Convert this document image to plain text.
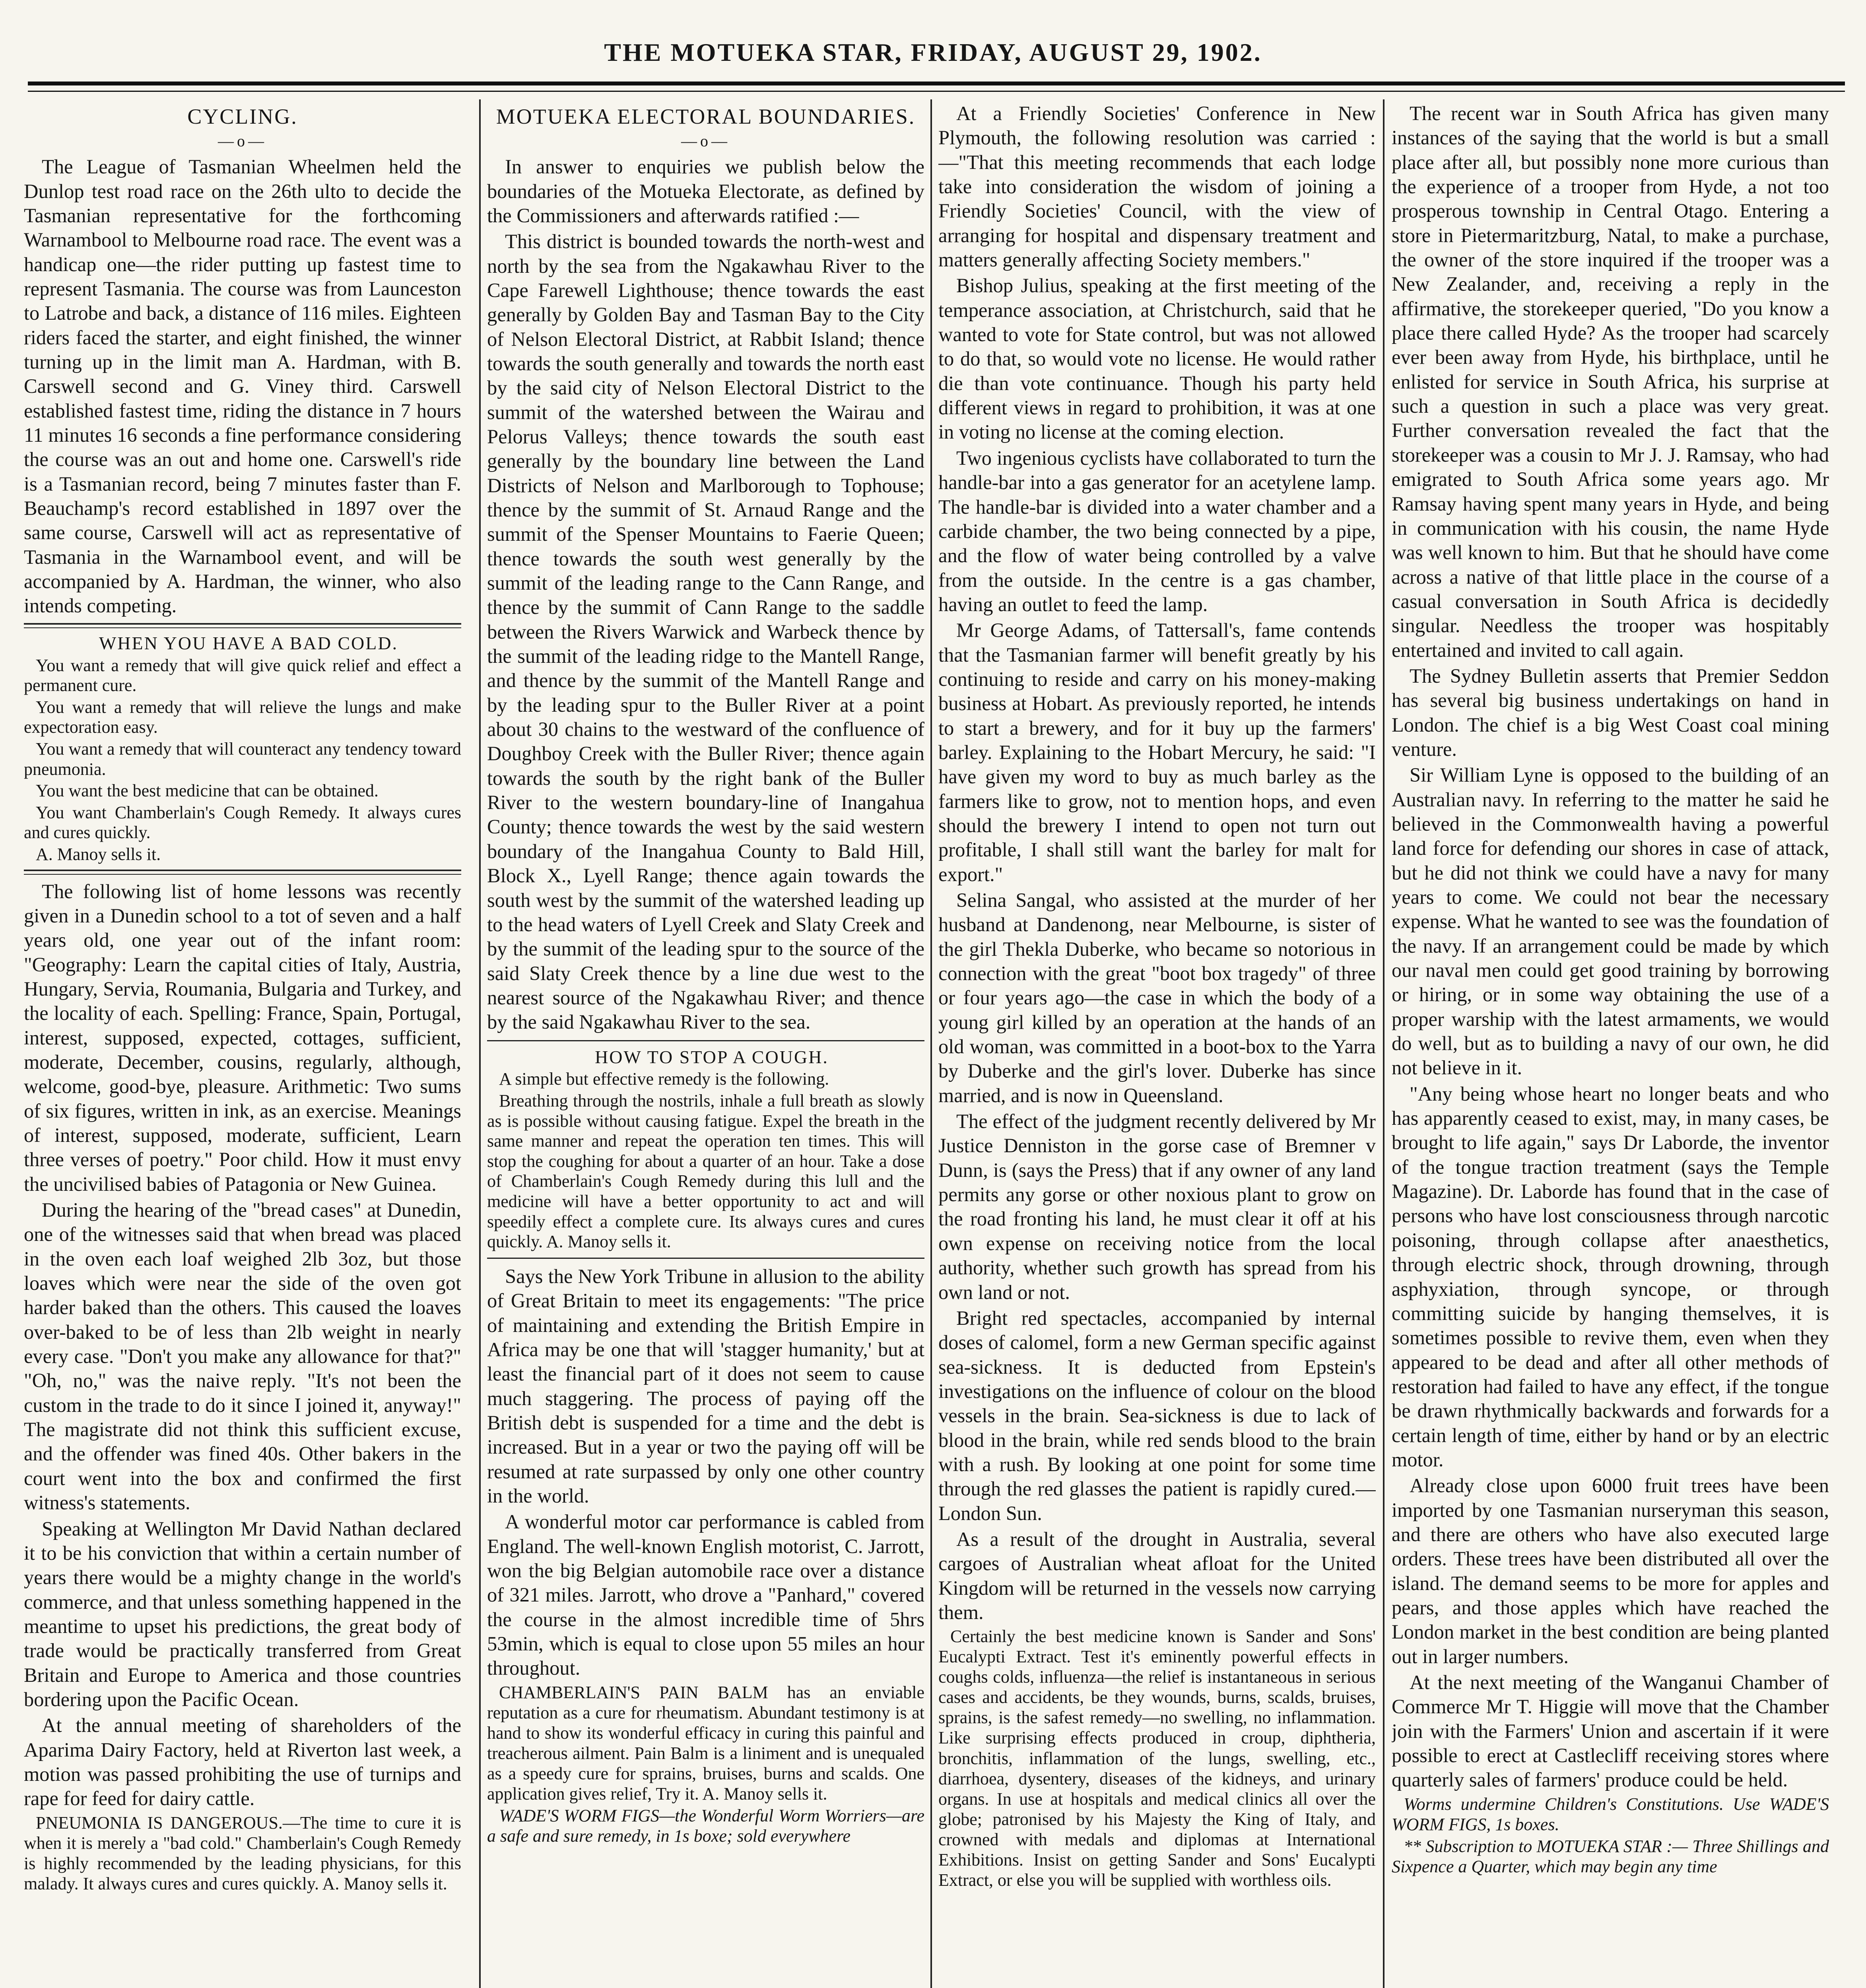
THE MOTUEKA STAR, FRIDAY, AUGUST 29, 1902.

CYCLING.

—o—

The League of Tasmanian Wheelmen held the Dunlop test road race on the 26th ulto to decide the Tasmanian representative for the forthcoming Warnambool to Melbourne road race. The event was a handicap one—the rider putting up fastest time to represent Tasmania. The course was from Launceston to Latrobe and back, a distance of 116 miles. Eighteen riders faced the starter, and eight finished, the winner turning up in the limit man A. Hardman, with B. Carswell second and G. Viney third. Carswell established fastest time, riding the distance in 7 hours 11 minutes 16 seconds a fine performance considering the course was an out and home one. Carswell's ride is a Tasmanian record, being 7 minutes faster than F. Beauchamp's record established in 1897 over the same course, Carswell will act as representative of Tasmania in the Warnambool event, and will be accompanied by A. Hardman, the winner, who also intends competing.

WHEN YOU HAVE A BAD COLD.

You want a remedy that will give quick relief and effect a permanent cure.

You want a remedy that will relieve the lungs and make expectoration easy.

You want a remedy that will counteract any tendency toward pneumonia.

You want the best medicine that can be obtained.

You want Chamberlain's Cough Remedy. It always cures and cures quickly.

A. Manoy sells it.

The following list of home lessons was recently given in a Dunedin school to a tot of seven and a half years old, one year out of the infant room: "Geography: Learn the capital cities of Italy, Austria, Hungary, Servia, Roumania, Bulgaria and Turkey, and the locality of each. Spelling: France, Spain, Portugal, interest, supposed, expected, cottages, sufficient, moderate, December, cousins, regularly, although, welcome, good-bye, pleasure. Arithmetic: Two sums of six figures, written in ink, as an exercise. Meanings of interest, supposed, moderate, sufficient, Learn three verses of poetry." Poor child. How it must envy the uncivilised babies of Patagonia or New Guinea.

During the hearing of the "bread cases" at Dunedin, one of the witnesses said that when bread was placed in the oven each loaf weighed 2lb 3oz, but those loaves which were near the side of the oven got harder baked than the others. This caused the loaves over-baked to be of less than 2lb weight in nearly every case. "Don't you make any allowance for that?" "Oh, no," was the naive reply. "It's not been the custom in the trade to do it since I joined it, anyway!" The magistrate did not think this sufficient excuse, and the offender was fined 40s. Other bakers in the court went into the box and confirmed the first witness's statements.

Speaking at Wellington Mr David Nathan declared it to be his conviction that within a certain number of years there would be a mighty change in the world's commerce, and that unless something happened in the meantime to upset his predictions, the great body of trade would be practically transferred from Great Britain and Europe to America and those countries bordering upon the Pacific Ocean.

At the annual meeting of shareholders of the Aparima Dairy Factory, held at Riverton last week, a motion was passed prohibiting the use of turnips and rape for feed for dairy cattle.

PNEUMONIA IS DANGEROUS.—The time to cure it is when it is merely a "bad cold." Chamberlain's Cough Remedy is highly recommended by the leading physicians, for this malady. It always cures and cures quickly. A. Manoy sells it.

MOTUEKA ELECTORAL BOUNDARIES.

—o—

In answer to enquiries we publish below the boundaries of the Motueka Electorate, as defined by the Commissioners and afterwards ratified :—

This district is bounded towards the north-west and north by the sea from the Ngakawhau River to the Cape Farewell Lighthouse; thence towards the east generally by Golden Bay and Tasman Bay to the City of Nelson Electoral District, at Rabbit Island; thence towards the south generally and towards the north east by the said city of Nelson Electoral District to the summit of the watershed between the Wairau and Pelorus Valleys; thence towards the south east generally by the boundary line between the Land Districts of Nelson and Marlborough to Tophouse; thence by the summit of St. Arnaud Range and the summit of the Spenser Mountains to Faerie Queen; thence towards the south west generally by the summit of the leading range to the Cann Range, and thence by the summit of Cann Range to the saddle between the Rivers Warwick and Warbeck thence by the summit of the leading ridge to the Mantell Range, and thence by the summit of the Mantell Range and by the leading spur to the Buller River at a point about 30 chains to the westward of the confluence of Doughboy Creek with the Buller River; thence again towards the south by the right bank of the Buller River to the western boundary-line of Inangahua County; thence towards the west by the said western boundary of the Inangahua County to Bald Hill, Block X., Lyell Range; thence again towards the south west by the summit of the watershed leading up to the head waters of Lyell Creek and Slaty Creek and by the summit of the leading spur to the source of the said Slaty Creek thence by a line due west to the nearest source of the Ngakawhau River; and thence by the said Ngakawhau River to the sea.

HOW TO STOP A COUGH.

A simple but effective remedy is the following.

Breathing through the nostrils, inhale a full breath as slowly as is possible without causing fatigue. Expel the breath in the same manner and repeat the operation ten times. This will stop the coughing for about a quarter of an hour. Take a dose of Chamberlain's Cough Remedy during this lull and the medicine will have a better opportunity to act and will speedily effect a complete cure. Its always cures and cures quickly. A. Manoy sells it.

Says the New York Tribune in allusion to the ability of Great Britain to meet its engagements: "The price of maintaining and extending the British Empire in Africa may be one that will 'stagger humanity,' but at least the financial part of it does not seem to cause much staggering. The process of paying off the British debt is suspended for a time and the debt is increased. But in a year or two the paying off will be resumed at rate surpassed by only one other country in the world.

A wonderful motor car performance is cabled from England. The well-known English motorist, C. Jarrott, won the big Belgian automobile race over a distance of 321 miles. Jarrott, who drove a "Panhard," covered the course in the almost incredible time of 5hrs 53min, which is equal to close upon 55 miles an hour throughout.

CHAMBERLAIN'S PAIN BALM has an enviable reputation as a cure for rheumatism. Abundant testimony is at hand to show its wonderful efficacy in curing this painful and treacherous ailment. Pain Balm is a liniment and is unequaled as a speedy cure for sprains, bruises, burns and scalds. One application gives relief, Try it. A. Manoy sells it.

WADE'S WORM FIGS—the Wonderful Worm Worriers—are a safe and sure remedy, in 1s boxe; sold everywhere

At a Friendly Societies' Conference in New Plymouth, the following resolution was carried :—"That this meeting recommends that each lodge take into consideration the wisdom of joining a Friendly Societies' Council, with the view of arranging for hospital and dispensary treatment and matters generally affecting Society members."

Bishop Julius, speaking at the first meeting of the temperance association, at Christchurch, said that he wanted to vote for State control, but was not allowed to do that, so would vote no license. He would rather die than vote continuance. Though his party held different views in regard to prohibition, it was at one in voting no license at the coming election.

Two ingenious cyclists have collaborated to turn the handle-bar into a gas generator for an acetylene lamp. The handle-bar is divided into a water chamber and a carbide chamber, the two being connected by a pipe, and the flow of water being controlled by a valve from the outside. In the centre is a gas chamber, having an outlet to feed the lamp.

Mr George Adams, of Tattersall's, fame contends that the Tasmanian farmer will benefit greatly by his continuing to reside and carry on his money-making business at Hobart. As previously reported, he intends to start a brewery, and for it buy up the farmers' barley. Explaining to the Hobart Mercury, he said: "I have given my word to buy as much barley as the farmers like to grow, not to mention hops, and even should the brewery I intend to open not turn out profitable, I shall still want the barley for malt for export."

Selina Sangal, who assisted at the murder of her husband at Dandenong, near Melbourne, is sister of the girl Thekla Duberke, who became so notorious in connection with the great "boot box tragedy" of three or four years ago—the case in which the body of a young girl killed by an operation at the hands of an old woman, was committed in a boot-box to the Yarra by Duberke and the girl's lover. Duberke has since married, and is now in Queensland.

The effect of the judgment recently delivered by Mr Justice Denniston in the gorse case of Bremner v Dunn, is (says the Press) that if any owner of any land permits any gorse or other noxious plant to grow on the road fronting his land, he must clear it off at his own expense on receiving notice from the local authority, whether such growth has spread from his own land or not.

Bright red spectacles, accompanied by internal doses of calomel, form a new German specific against sea-sickness. It is deducted from Epstein's investigations on the influence of colour on the blood vessels in the brain. Sea-sickness is due to lack of blood in the brain, while red sends blood to the brain with a rush. By looking at one point for some time through the red glasses the patient is rapidly cured.—London Sun.

As a result of the drought in Australia, several cargoes of Australian wheat afloat for the United Kingdom will be returned in the vessels now carrying them.

Certainly the best medicine known is Sander and Sons' Eucalypti Extract. Test it's eminently powerful effects in coughs colds, influenza—the relief is instantaneous in serious cases and accidents, be they wounds, burns, scalds, bruises, sprains, is the safest remedy—no swelling, no inflammation. Like surprising effects produced in croup, diphtheria, bronchitis, inflammation of the lungs, swelling, etc., diarrhoea, dysentery, diseases of the kidneys, and urinary organs. In use at hospitals and medical clinics all over the globe; patronised by his Majesty the King of Italy, and crowned with medals and diplomas at International Exhibitions. Insist on getting Sander and Sons' Eucalypti Extract, or else you will be supplied with worthless oils.

The recent war in South Africa has given many instances of the saying that the world is but a small place after all, but possibly none more curious than the experience of a trooper from Hyde, a not too prosperous township in Central Otago. Entering a store in Pietermaritzburg, Natal, to make a purchase, the owner of the store inquired if the trooper was a New Zealander, and, receiving a reply in the affirmative, the storekeeper queried, "Do you know a place there called Hyde? As the trooper had scarcely ever been away from Hyde, his birthplace, until he enlisted for service in South Africa, his surprise at such a question in such a place was very great. Further conversation revealed the fact that the storekeeper was a cousin to Mr J. J. Ramsay, who had emigrated to South Africa some years ago. Mr Ramsay having spent many years in Hyde, and being in communication with his cousin, the name Hyde was well known to him. But that he should have come across a native of that little place in the course of a casual conversation in South Africa is decidedly singular. Needless the trooper was hospitably entertained and invited to call again.

The Sydney Bulletin asserts that Premier Seddon has several big business undertakings on hand in London. The chief is a big West Coast coal mining venture.

Sir William Lyne is opposed to the building of an Australian navy. In referring to the matter he said he believed in the Commonwealth having a powerful land force for defending our shores in case of attack, but he did not think we could have a navy for many years to come. We could not bear the necessary expense. What he wanted to see was the foundation of the navy. If an arrangement could be made by which our naval men could get good training by borrowing or hiring, or in some way obtaining the use of a proper warship with the latest armaments, we would do well, but as to building a navy of our own, he did not believe in it.

"Any being whose heart no longer beats and who has apparently ceased to exist, may, in many cases, be brought to life again," says Dr Laborde, the inventor of the tongue traction treatment (says the Temple Magazine). Dr. Laborde has found that in the case of persons who have lost consciousness through narcotic poisoning, through collapse after anaesthetics, through electric shock, through drowning, through asphyxiation, through syncope, or through committing suicide by hanging themselves, it is sometimes possible to revive them, even when they appeared to be dead and after all other methods of restoration had failed to have any effect, if the tongue be drawn rhythmically backwards and forwards for a certain length of time, either by hand or by an electric motor.

Already close upon 6000 fruit trees have been imported by one Tasmanian nurseryman this season, and there are others who have also executed large orders. These trees have been distributed all over the island. The demand seems to be more for apples and pears, and those apples which have reached the London market in the best condition are being planted out in larger numbers.

At the next meeting of the Wanganui Chamber of Commerce Mr T. Higgie will move that the Chamber join with the Farmers' Union and ascertain if it were possible to erect at Castlecliff receiving stores where quarterly sales of farmers' produce could be held.

Worms undermine Children's Constitutions. Use WADE'S WORM FIGS, 1s boxes.

** Subscription to MOTUEKA STAR :— Three Shillings and Sixpence a Quarter, which may begin any time
